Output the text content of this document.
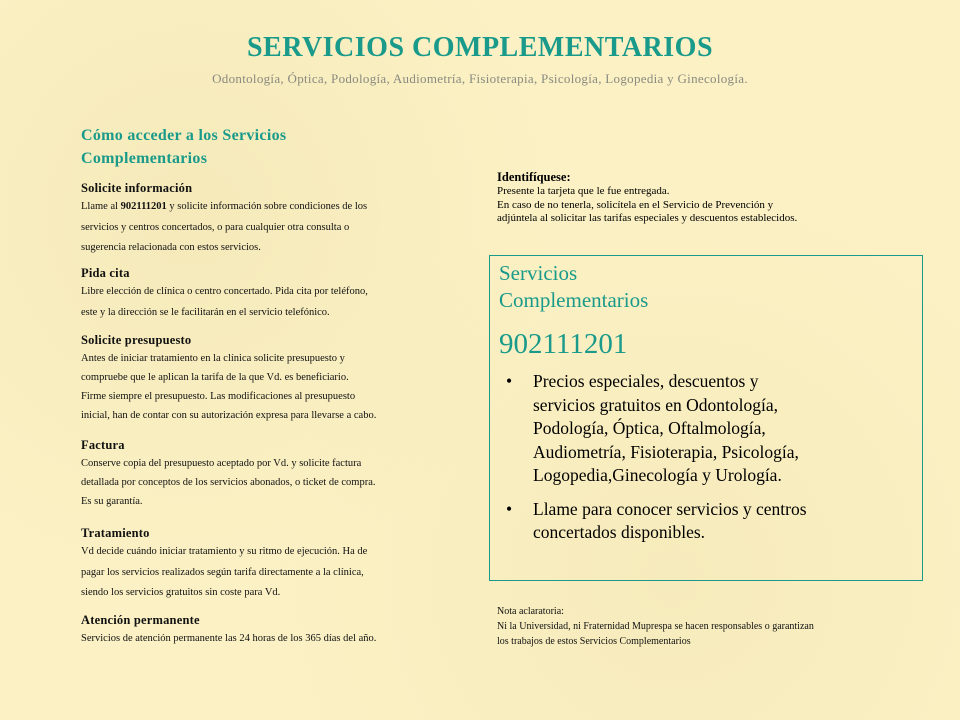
SERVICIOS COMPLEMENTARIOS
Odontología, Óptica, Podología, Audiometría, Fisioterapia, Psicología, Logopedia y Ginecología.
Cómo acceder a los Servicios
Complementarios
Solicite información

Llame al 902111201 y solicite información sobre condiciones de los

servicios y centros concertados, o para cualquier otra consulta o

sugerencia relacionada con estos servicios.

Pida cita

Libre elección de clínica o centro concertado. Pida cita por teléfono,

este y la dirección se le facilitarán en el servicio telefónico.

Solicite presupuesto

Antes de iniciar tratamiento en la clínica solicite presupuesto y

compruebe que le aplican la tarifa de la que Vd. es beneficiario.

Firme siempre el presupuesto. Las modificaciones al presupuesto

inicial, han de contar con su autorización expresa para llevarse a cabo.

Factura

Conserve copia del presupuesto aceptado por Vd. y solicite factura

detallada por conceptos de los servicios abonados, o ticket de compra.

Es su garantía.

Tratamiento

Vd decide cuándo iniciar tratamiento y su ritmo de ejecución. Ha de

pagar los servicios realizados según tarifa directamente a la clínica,

siendo los servicios gratuitos sin coste para Vd.

Atención permanente

Servicios de atención permanente las 24 horas de los 365 días del año.

Identifíquese:

Presente la tarjeta que le fue entregada.

En caso de no tenerla, solicítela en el Servicio de Prevención y

adjúntela al solicitar las tarifas especiales y descuentos establecidos.

Servicios
Complementarios
902111201
• Precios especiales, descuentos y
servicios gratuitos en Odontología,
Podología, Óptica, Oftalmología,
Audiometría, Fisioterapia, Psicología,
Logopedia,Ginecología y Urología.
• Llame para conocer servicios y centros
concertados disponibles.
Nota aclaratoria:
Ni la Universidad, ni Fraternidad Muprespa se hacen responsables o garantizan
los trabajos de estos Servicios Complementarios
